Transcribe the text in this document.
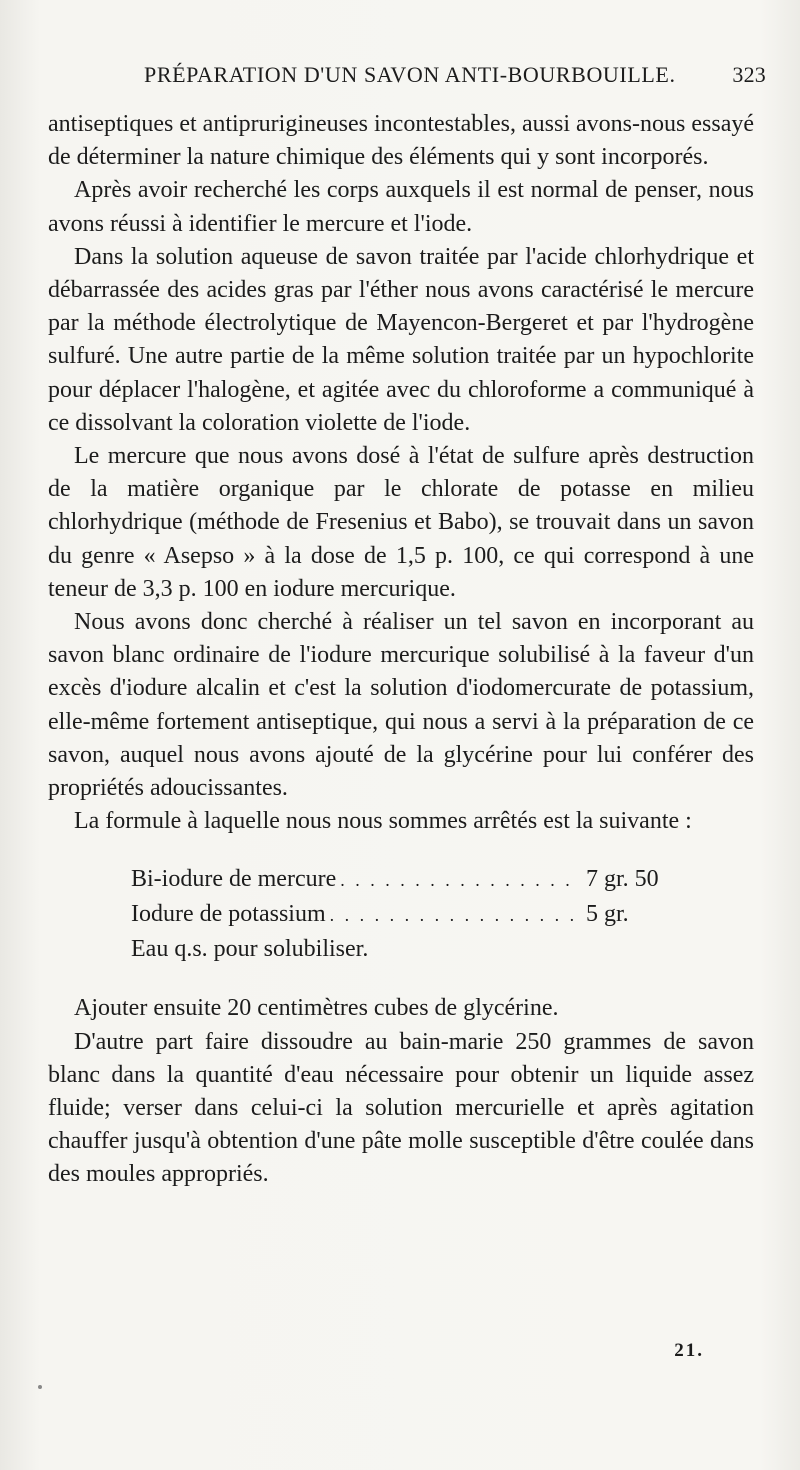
PRÉPARATION D'UN SAVON ANTI-BOURBOUILLE.	323

antiseptiques et antiprurigineuses incontestables, aussi avons-nous essayé de déterminer la nature chimique des éléments qui y sont incorporés.

Après avoir recherché les corps auxquels il est normal de penser, nous avons réussi à identifier le mercure et l'iode.

Dans la solution aqueuse de savon traitée par l'acide chlorhydrique et débarrassée des acides gras par l'éther nous avons caractérisé le mercure par la méthode électrolytique de Mayencon-Bergeret et par l'hydrogène sulfuré. Une autre partie de la même solution traitée par un hypochlorite pour déplacer l'halogène, et agitée avec du chloroforme a communiqué à ce dissolvant la coloration violette de l'iode.

Le mercure que nous avons dosé à l'état de sulfure après destruction de la matière organique par le chlorate de potasse en milieu chlorhydrique (méthode de Fresenius et Babo), se trouvait dans un savon du genre « Asepso » à la dose de 1,5 p. 100, ce qui correspond à une teneur de 3,3 p. 100 en iodure mercurique.

Nous avons donc cherché à réaliser un tel savon en incorporant au savon blanc ordinaire de l'iodure mercurique solubilisé à la faveur d'un excès d'iodure alcalin et c'est la solution d'iodomercurate de potassium, elle-même fortement antiseptique, qui nous a servi à la préparation de ce savon, auquel nous avons ajouté de la glycérine pour lui conférer des propriétés adoucissantes.

La formule à laquelle nous nous sommes arrêtés est la suivante :

Bi-iodure de mercure . . .	7 gr. 50
Iodure de potassium . . .	5 gr.
Eau q.s. pour solubiliser.

Ajouter ensuite 20 centimètres cubes de glycérine.

D'autre part faire dissoudre au bain-marie 250 grammes de savon blanc dans la quantité d'eau nécessaire pour obtenir un liquide assez fluide; verser dans celui-ci la solution mercurielle et après agitation chauffer jusqu'à obtention d'une pâte molle susceptible d'être coulée dans des moules appropriés.

21.
